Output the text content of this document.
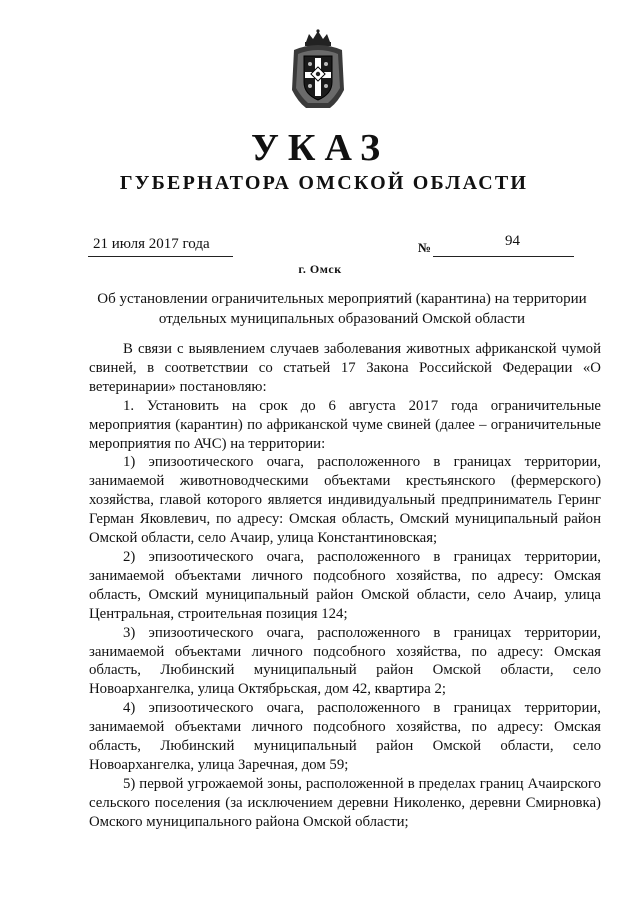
УКАЗ
ГУБЕРНАТОРА ОМСКОЙ ОБЛАСТИ
21 июля 2017 года	№	94
г. Омск
Об установлении ограничительных мероприятий (карантина) на территории
отдельных муниципальных образований Омской области

В связи с выявлением случаев заболевания животных африканской чумой свиней, в соответствии со статьей 17 Закона Российской Федерации «О ветеринарии» постановляю:

1. Установить на срок до 6 августа 2017 года ограничительные мероприятия (карантин) по африканской чуме свиней (далее – ограничительные мероприятия по АЧС) на территории:

1) эпизоотического очага, расположенного в границах территории, занимаемой животноводческими объектами крестьянского (фермерского) хозяйства, главой которого является индивидуальный предприниматель Геринг Герман Яковлевич, по адресу: Омская область, Омский муниципальный район Омской области, село Ачаир, улица Константиновская;

2) эпизоотического очага, расположенного в границах территории, занимаемой объектами личного подсобного хозяйства, по адресу: Омская область, Омский муниципальный район Омской области, село Ачаир, улица Центральная, строительная позиция 124;

3) эпизоотического очага, расположенного в границах территории, занимаемой объектами личного подсобного хозяйства, по адресу: Омская область, Любинский муниципальный район Омской области, село Новоархангелка, улица Октябрьская, дом 42, квартира 2;

4) эпизоотического очага, расположенного в границах территории, занимаемой объектами личного подсобного хозяйства, по адресу: Омская область, Любинский муниципальный район Омской области, село Новоархангелка, улица Заречная, дом 59;

5) первой угрожаемой зоны, расположенной в пределах границ Ачаирского сельского поселения (за исключением деревни Николенко, деревни Смирновка) Омского муниципального района Омской области;
